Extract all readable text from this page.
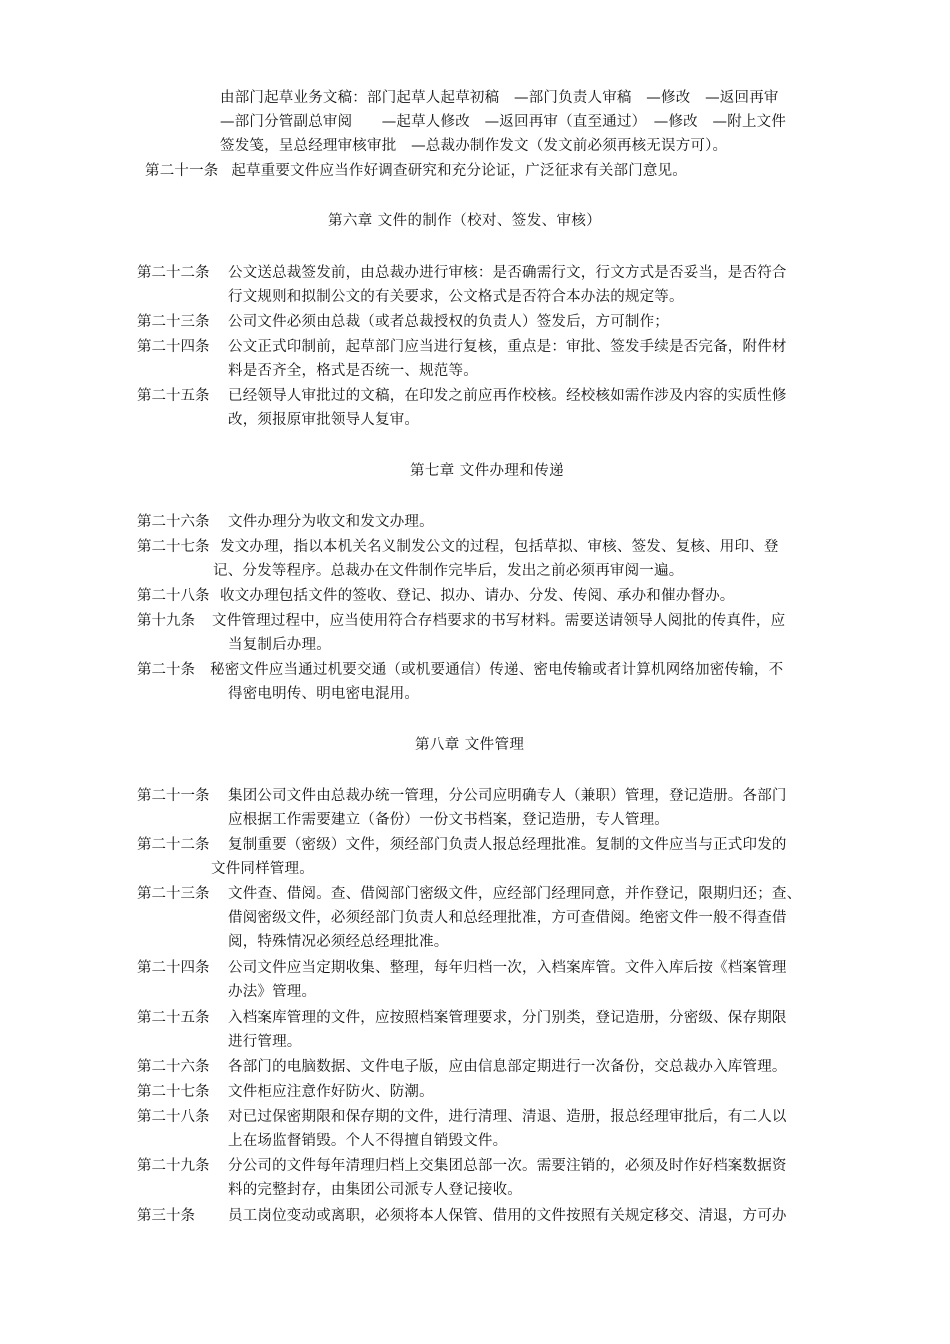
由部门起草业务文稿：部门起草人起草初稿　—部门负责人审稿　—修改　—返回再审
—部门分管副总审阅　　—起草人修改　—返回再审（直至通过）　—修改　—附上文件
签发笺，呈总经理审核审批　—总裁办制作发文（发文前必须再核无误方可）。
第二十一条 起草重要文件应当作好调查研究和充分论证，广泛征求有关部门意见。
第六章 文件的制作（校对、签发、审核）
第二十二条 公文送总裁签发前，由总裁办进行审核：是否确需行文，行文方式是否妥当，是否符合
行文规则和拟制公文的有关要求，公文格式是否符合本办法的规定等。
第二十三条 公司文件必须由总裁（或者总裁授权的负责人）签发后，方可制作；
第二十四条 公文正式印制前，起草部门应当进行复核，重点是：审批、签发手续是否完备，附件材
料是否齐全，格式是否统一、规范等。
第二十五条 已经领导人审批过的文稿，在印发之前应再作校核。经校核如需作涉及内容的实质性修
改，须报原审批领导人复审。
第七章 文件办理和传递
第二十六条 文件办理分为收文和发文办理。
第二十七条 发文办理，指以本机关名义制发公文的过程，包括草拟、审核、签发、复核、用印、登
记、分发等程序。总裁办在文件制作完毕后，发出之前必须再审阅一遍。
第二十八条 收文办理包括文件的签收、登记、拟办、请办、分发、传阅、承办和催办督办。
第十九条 文件管理过程中，应当使用符合存档要求的书写材料。需要送请领导人阅批的传真件，应
当复制后办理。
第二十条 秘密文件应当通过机要交通（或机要通信）传递、密电传输或者计算机网络加密传输，不
得密电明传、明电密电混用。
第八章 文件管理
第二十一条 集团公司文件由总裁办统一管理，分公司应明确专人（兼职）管理，登记造册。各部门
应根据工作需要建立（备份）一份文书档案，登记造册，专人管理。
第二十二条 复制重要（密级）文件，须经部门负责人报总经理批准。复制的文件应当与正式印发的
文件同样管理。
第二十三条 文件查、借阅。查、借阅部门密级文件，应经部门经理同意，并作登记，限期归还；查、
借阅密级文件，必须经部门负责人和总经理批准，方可查借阅。绝密文件一般不得查借
阅，特殊情况必须经总经理批准。
第二十四条 公司文件应当定期收集、整理，每年归档一次，入档案库管。文件入库后按《档案管理
办法》管理。
第二十五条 入档案库管理的文件，应按照档案管理要求，分门别类，登记造册，分密级、保存期限
进行管理。
第二十六条 各部门的电脑数据、文件电子版，应由信息部定期进行一次备份，交总裁办入库管理。
第二十七条 文件柜应注意作好防火、防潮。
第二十八条 对已过保密期限和保存期的文件，进行清理、清退、造册，报总经理审批后，有二人以
上在场监督销毁。个人不得擅自销毁文件。
第二十九条 分公司的文件每年清理归档上交集团总部一次。需要注销的，必须及时作好档案数据资
料的完整封存，由集团公司派专人登记接收。
第三十条 员工岗位变动或离职，必须将本人保管、借用的文件按照有关规定移交、清退，方可办
